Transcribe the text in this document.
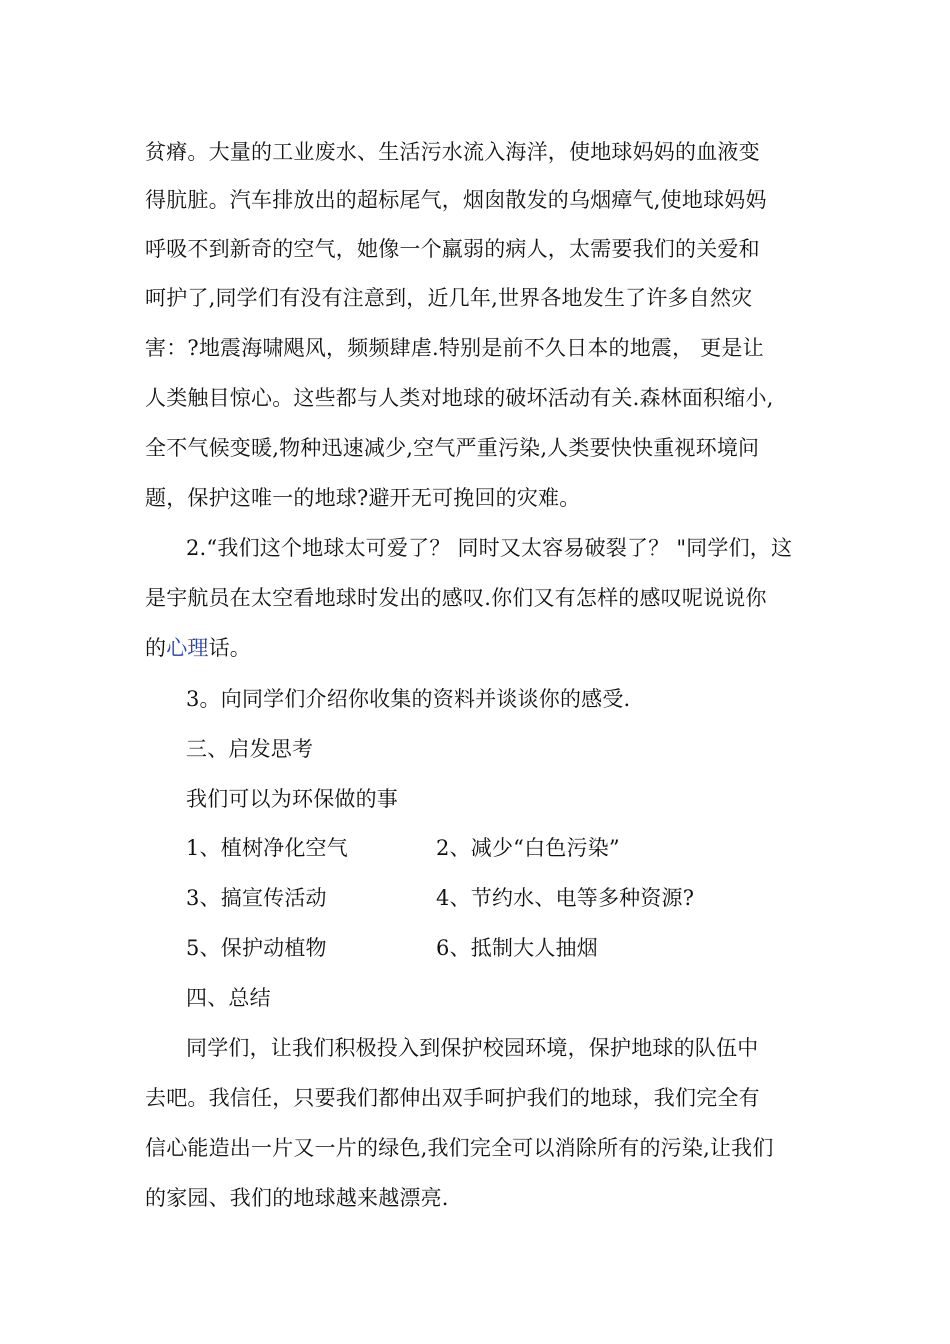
贫瘠。大量的工业废水、生活污水流入海洋，使地球妈妈的血液变
得肮脏。汽车排放出的超标尾气，烟囱散发的乌烟瘴气,使地球妈妈
呼吸不到新奇的空气，她像一个羸弱的病人，太需要我们的关爱和
呵护了,同学们有没有注意到，近几年,世界各地发生了许多自然灾
害：?地震海啸飓风，频频肆虐.特别是前不久日本的地震， 更是让
人类触目惊心。这些都与人类对地球的破坏活动有关.森林面积缩小,
全不气候变暖,物种迅速减少,空气严重污染,人类要快快重视环境问
题，保护这唯一的地球?避开无可挽回的灾难。
2.“我们这个地球太可爱了？ 同时又太容易破裂了？ "同学们，这
是宇航员在太空看地球时发出的感叹.你们又有怎样的感叹呢说说你
的心理话。
3。向同学们介绍你收集的资料并谈谈你的感受.
三、启发思考
我们可以为环保做的事
1、植树净化空气	2、减少“白色污染”
3、搞宣传活动	4、节约水、电等多种资源?
5、保护动植物	6、抵制大人抽烟
四、总结
同学们，让我们积极投入到保护校园环境，保护地球的队伍中
去吧。我信任，只要我们都伸出双手呵护我们的地球，我们完全有
信心能造出一片又一片的绿色,我们完全可以消除所有的污染,让我们
的家园、我们的地球越来越漂亮.
